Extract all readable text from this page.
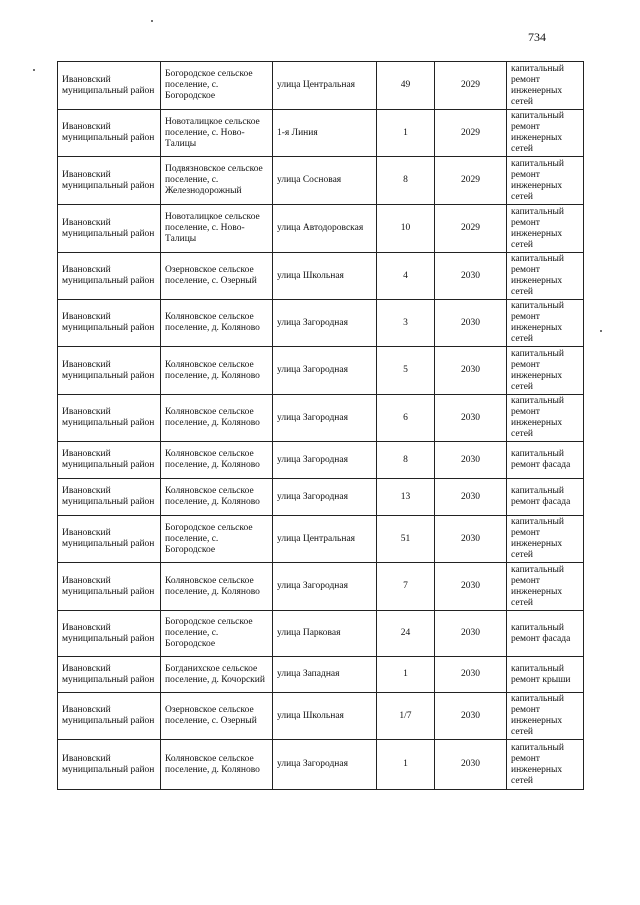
734
Ивановский муниципальный район	Богородское сельское поселение, с. Богородское	улица Центральная	49	2029	капитальный ремонт инженерных сетей
Ивановский муниципальный район	Новоталицкое сельское поселение, с. Ново-Талицы	1-я Линия	1	2029	капитальный ремонт инженерных сетей
Ивановский муниципальный район	Подвязновское сельское поселение, с. Железнодорожный	улица Сосновая	8	2029	капитальный ремонт инженерных сетей
Ивановский муниципальный район	Новоталицкое сельское поселение, с. Ново-Талицы	улица Автодоровская	10	2029	капитальный ремонт инженерных сетей
Ивановский муниципальный район	Озерновское сельское поселение, с. Озерный	улица Школьная	4	2030	капитальный ремонт инженерных сетей
Ивановский муниципальный район	Коляновское сельское поселение, д. Коляново	улица Загородная	3	2030	капитальный ремонт инженерных сетей
Ивановский муниципальный район	Коляновское сельское поселение, д. Коляново	улица Загородная	5	2030	капитальный ремонт инженерных сетей
Ивановский муниципальный район	Коляновское сельское поселение, д. Коляново	улица Загородная	6	2030	капитальный ремонт инженерных сетей
Ивановский муниципальный район	Коляновское сельское поселение, д. Коляново	улица Загородная	8	2030	капитальный ремонт фасада
Ивановский муниципальный район	Коляновское сельское поселение, д. Коляново	улица Загородная	13	2030	капитальный ремонт фасада
Ивановский муниципальный район	Богородское сельское поселение, с. Богородское	улица Центральная	51	2030	капитальный ремонт инженерных сетей
Ивановский муниципальный район	Коляновское сельское поселение, д. Коляново	улица Загородная	7	2030	капитальный ремонт инженерных сетей
Ивановский муниципальный район	Богородское сельское поселение, с. Богородское	улица Парковая	24	2030	капитальный ремонт фасада
Ивановский муниципальный район	Богданихское сельское поселение, д. Кочорский	улица Западная	1	2030	капитальный ремонт крыши
Ивановский муниципальный район	Озерновское сельское поселение, с. Озерный	улица Школьная	1/7	2030	капитальный ремонт инженерных сетей
Ивановский муниципальный район	Коляновское сельское поселение, д. Коляново	улица Загородная	1	2030	капитальный ремонт инженерных сетей
